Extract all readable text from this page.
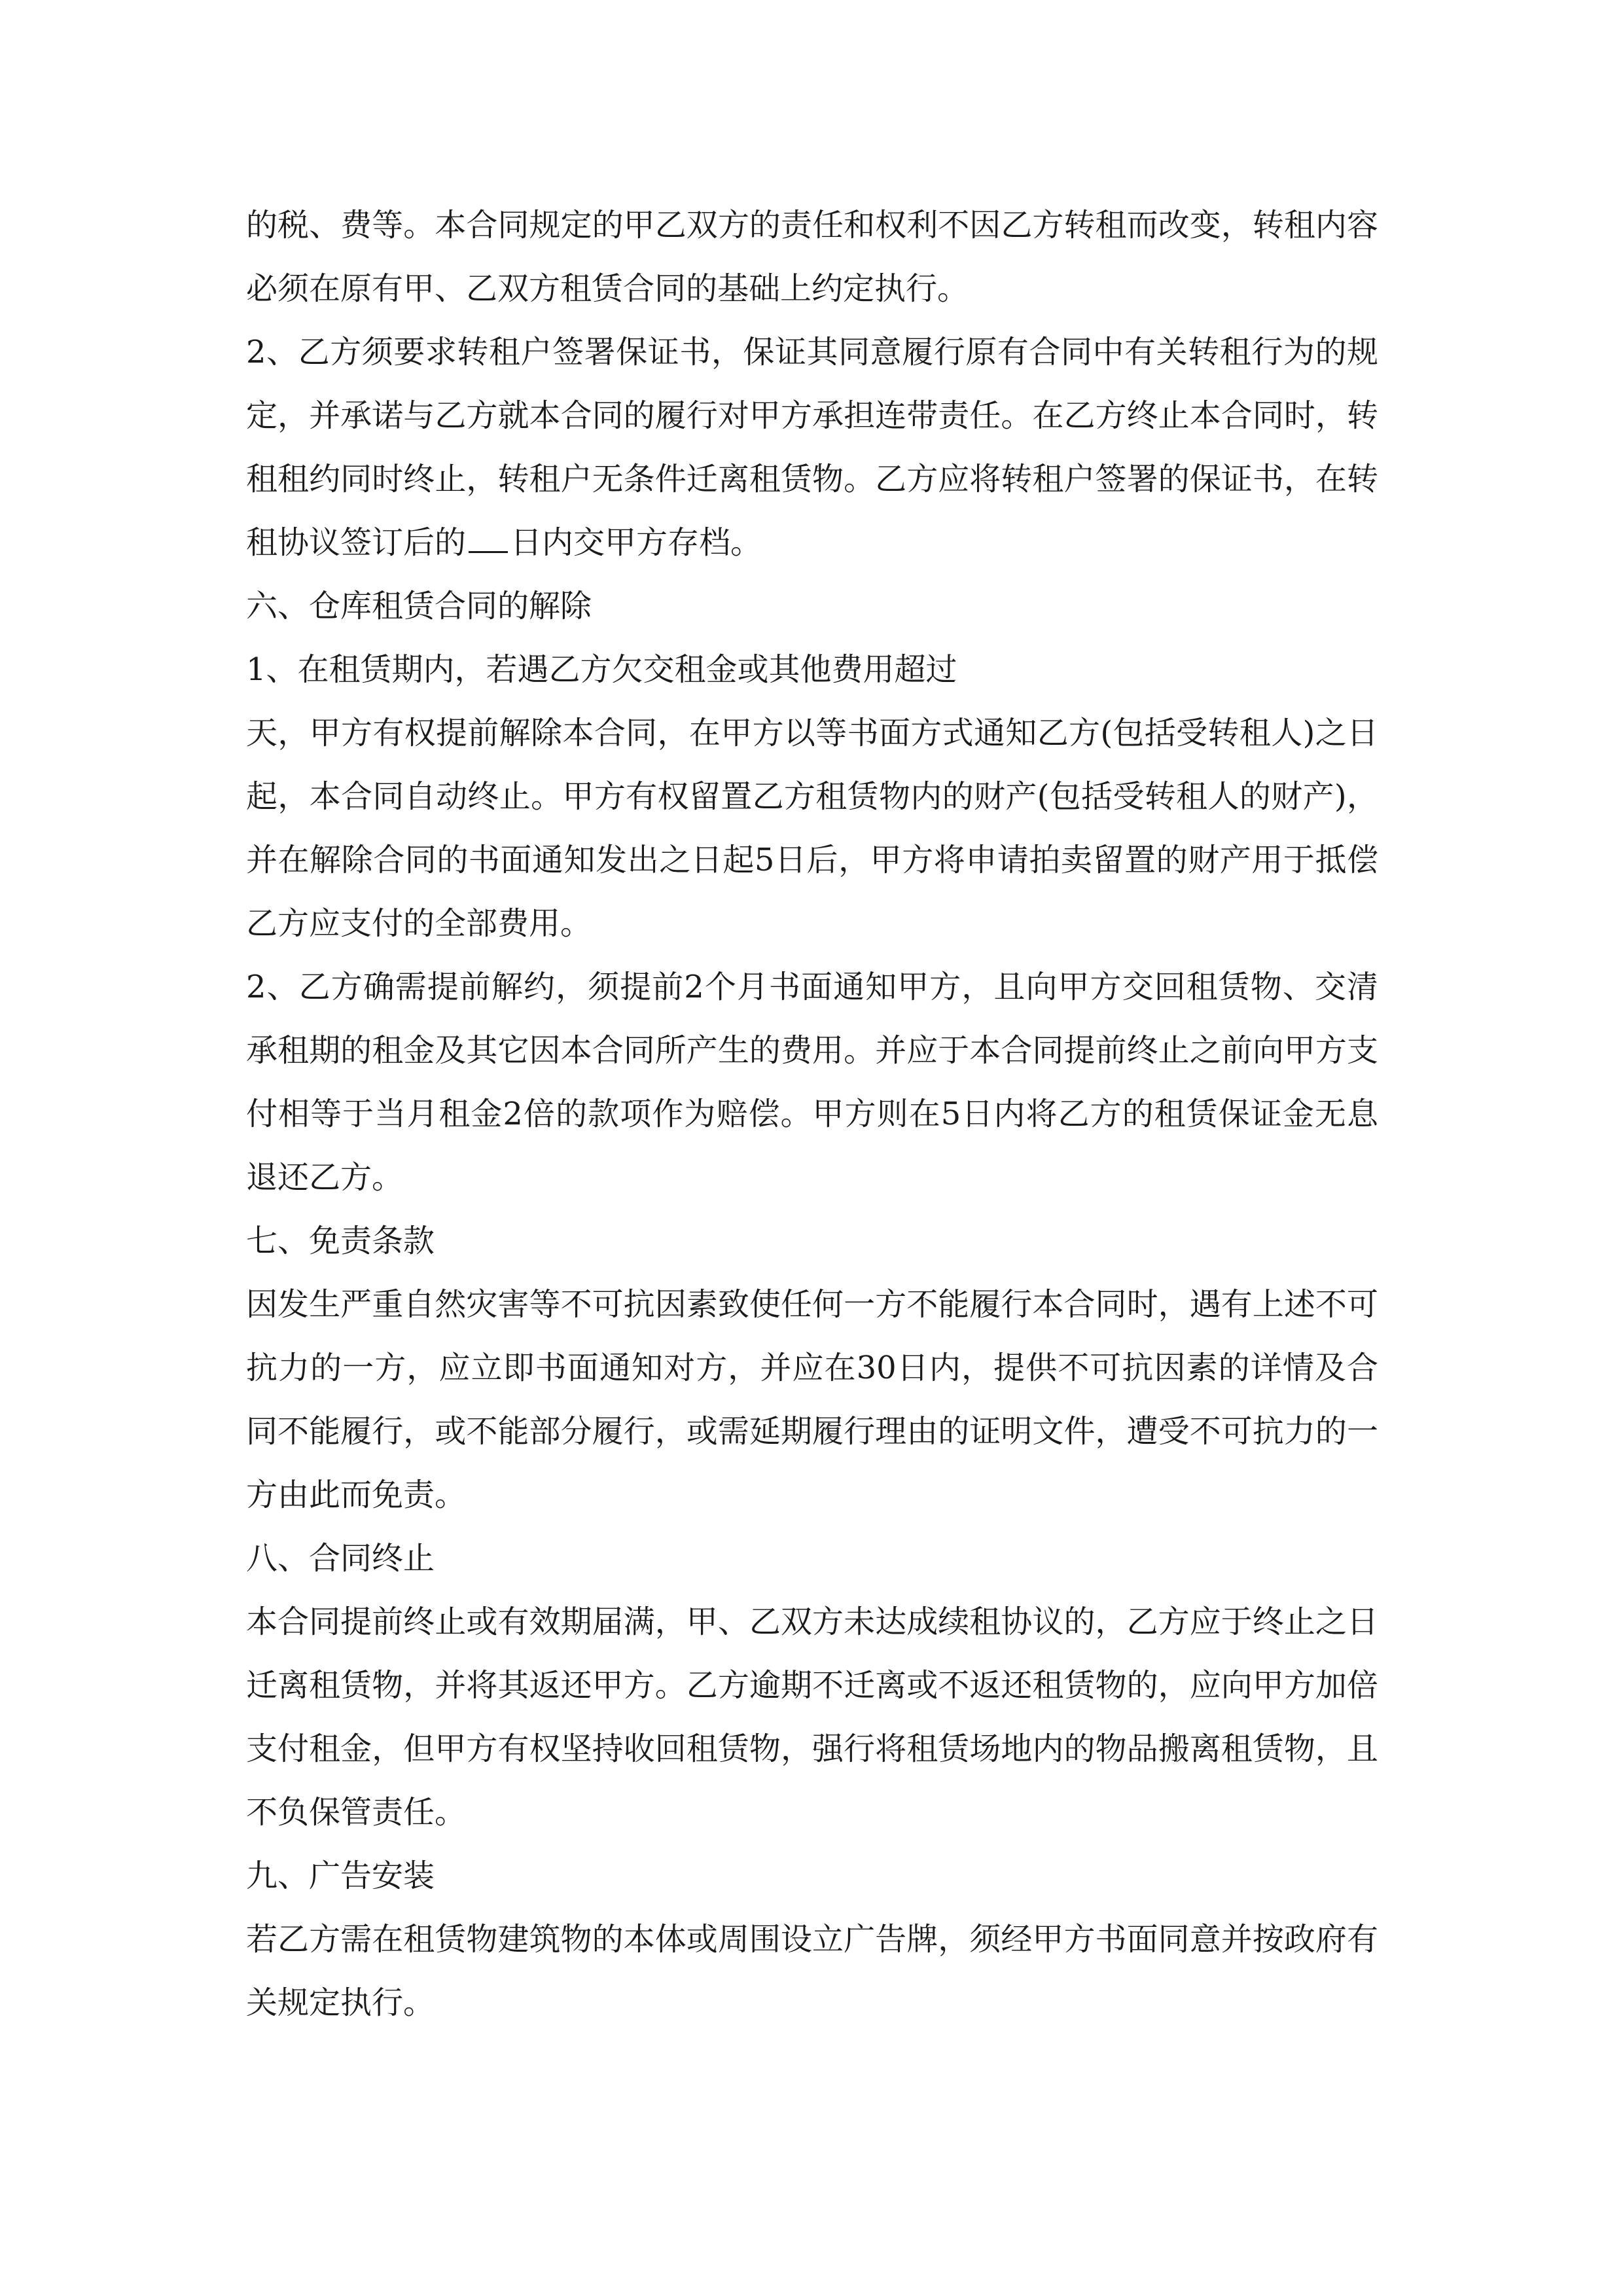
的税、费等。本合同规定的甲乙双方的责任和权利不因乙方转租而改变，转租内容必须在原有甲、乙双方租赁合同的基础上约定执行。

2、乙方须要求转租户签署保证书，保证其同意履行原有合同中有关转租行为的规定，并承诺与乙方就本合同的履行对甲方承担连带责任。在乙方终止本合同时，转租租约同时终止，转租户无条件迁离租赁物。乙方应将转租户签署的保证书，在转租协议签订后的 日内交甲方存档。

六、仓库租赁合同的解除

1、在租赁期内，若遇乙方欠交租金或其他费用超过

天，甲方有权提前解除本合同，在甲方以等书面方式通知乙方(包括受转租人)之日起，本合同自动终止。甲方有权留置乙方租赁物内的财产(包括受转租人的财产)，并在解除合同的书面通知发出之日起5日后，甲方将申请拍卖留置的财产用于抵偿乙方应支付的全部费用。

2、乙方确需提前解约，须提前2个月书面通知甲方，且向甲方交回租赁物、交清承租期的租金及其它因本合同所产生的费用。并应于本合同提前终止之前向甲方支付相等于当月租金2倍的款项作为赔偿。甲方则在5日内将乙方的租赁保证金无息退还乙方。

七、免责条款

因发生严重自然灾害等不可抗因素致使任何一方不能履行本合同时，遇有上述不可抗力的一方，应立即书面通知对方，并应在30日内，提供不可抗因素的详情及合同不能履行，或不能部分履行，或需延期履行理由的证明文件，遭受不可抗力的一方由此而免责。

八、合同终止

本合同提前终止或有效期届满，甲、乙双方未达成续租协议的，乙方应于终止之日迁离租赁物，并将其返还甲方。乙方逾期不迁离或不返还租赁物的，应向甲方加倍支付租金，但甲方有权坚持收回租赁物，强行将租赁场地内的物品搬离租赁物，且不负保管责任。

九、广告安装

若乙方需在租赁物建筑物的本体或周围设立广告牌，须经甲方书面同意并按政府有关规定执行。
